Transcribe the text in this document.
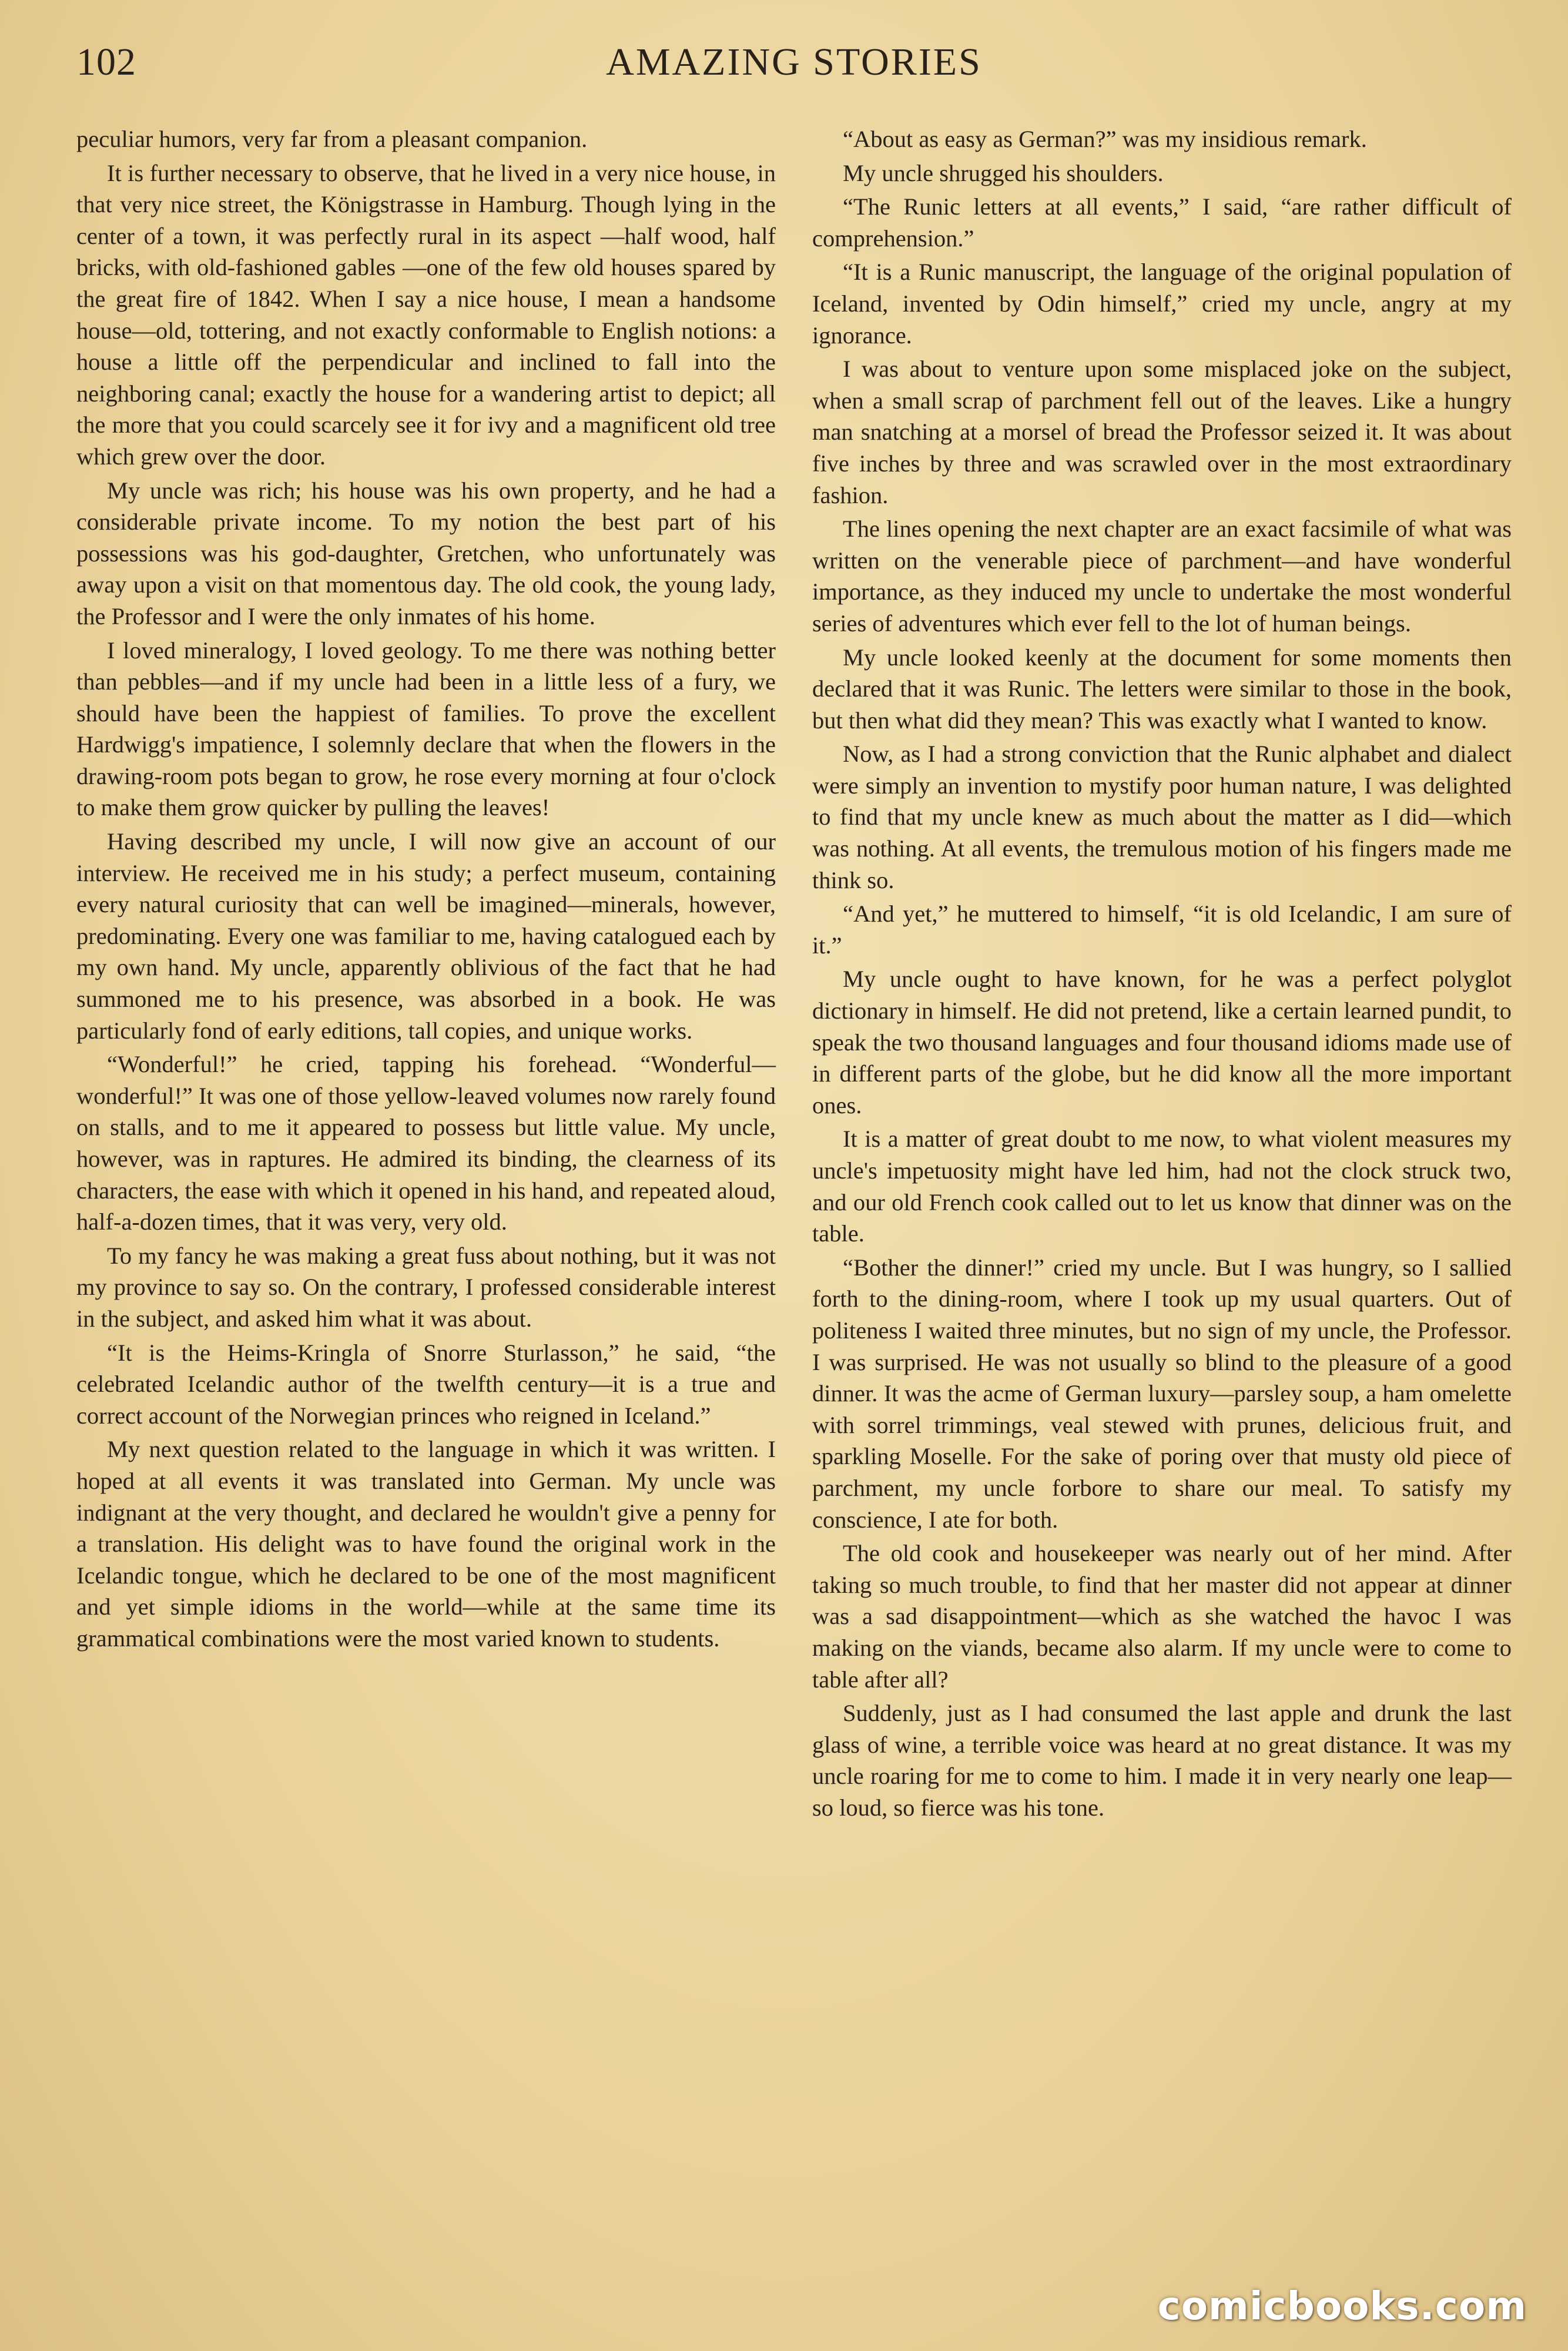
102	AMAZING STORIES

peculiar humors, very far from a pleasant companion.

It is further necessary to observe, that he lived in a very nice house, in that very nice street, the Königstrasse in Hamburg. Though lying in the center of a town, it was perfectly rural in its aspect —half wood, half bricks, with old-fashioned gables —one of the few old houses spared by the great fire of 1842. When I say a nice house, I mean a handsome house—old, tottering, and not exactly conformable to English notions: a house a little off the perpendicular and inclined to fall into the neighboring canal; exactly the house for a wandering artist to depict; all the more that you could scarcely see it for ivy and a magnificent old tree which grew over the door.

My uncle was rich; his house was his own property, and he had a considerable private income. To my notion the best part of his possessions was his god-daughter, Gretchen, who unfortunately was away upon a visit on that momentous day. The old cook, the young lady, the Professor and I were the only inmates of his home.

I loved mineralogy, I loved geology. To me there was nothing better than pebbles—and if my uncle had been in a little less of a fury, we should have been the happiest of families. To prove the excellent Hardwigg's impatience, I solemnly declare that when the flowers in the drawing-room pots began to grow, he rose every morning at four o'clock to make them grow quicker by pulling the leaves!

Having described my uncle, I will now give an account of our interview. He received me in his study; a perfect museum, containing every natural curiosity that can well be imagined—minerals, however, predominating. Every one was familiar to me, having catalogued each by my own hand. My uncle, apparently oblivious of the fact that he had summoned me to his presence, was absorbed in a book. He was particularly fond of early editions, tall copies, and unique works.

“Wonderful!” he cried, tapping his forehead. “Wonderful—wonderful!” It was one of those yellow-leaved volumes now rarely found on stalls, and to me it appeared to possess but little value. My uncle, however, was in raptures. He admired its binding, the clearness of its characters, the ease with which it opened in his hand, and repeated aloud, half-a-dozen times, that it was very, very old.

To my fancy he was making a great fuss about nothing, but it was not my province to say so. On the contrary, I professed considerable interest in the subject, and asked him what it was about.

“It is the Heims-Kringla of Snorre Sturlasson,” he said, “the celebrated Icelandic author of the twelfth century—it is a true and correct account of the Norwegian princes who reigned in Iceland.”

My next question related to the language in which it was written. I hoped at all events it was translated into German. My uncle was indignant at the very thought, and declared he wouldn't give a penny for a translation. His delight was to have found the original work in the Icelandic tongue, which he declared to be one of the most magnificent and yet simple idioms in the world—while at the same time its grammatical combinations were the most varied known to students.

“About as easy as German?” was my insidious remark.

My uncle shrugged his shoulders.

“The Runic letters at all events,” I said, “are rather difficult of comprehension.”

“It is a Runic manuscript, the language of the original population of Iceland, invented by Odin himself,” cried my uncle, angry at my ignorance.

I was about to venture upon some misplaced joke on the subject, when a small scrap of parchment fell out of the leaves. Like a hungry man snatching at a morsel of bread the Professor seized it. It was about five inches by three and was scrawled over in the most extraordinary fashion.

The lines opening the next chapter are an exact facsimile of what was written on the venerable piece of parchment—and have wonderful importance, as they induced my uncle to undertake the most wonderful series of adventures which ever fell to the lot of human beings.

My uncle looked keenly at the document for some moments then declared that it was Runic. The letters were similar to those in the book, but then what did they mean? This was exactly what I wanted to know.

Now, as I had a strong conviction that the Runic alphabet and dialect were simply an invention to mystify poor human nature, I was delighted to find that my uncle knew as much about the matter as I did—which was nothing. At all events, the tremulous motion of his fingers made me think so.

“And yet,” he muttered to himself, “it is old Icelandic, I am sure of it.”

My uncle ought to have known, for he was a perfect polyglot dictionary in himself. He did not pretend, like a certain learned pundit, to speak the two thousand languages and four thousand idioms made use of in different parts of the globe, but he did know all the more important ones.

It is a matter of great doubt to me now, to what violent measures my uncle's impetuosity might have led him, had not the clock struck two, and our old French cook called out to let us know that dinner was on the table.

“Bother the dinner!” cried my uncle. But I was hungry, so I sallied forth to the dining-room, where I took up my usual quarters. Out of politeness I waited three minutes, but no sign of my uncle, the Professor. I was surprised. He was not usually so blind to the pleasure of a good dinner. It was the acme of German luxury—parsley soup, a ham omelette with sorrel trimmings, veal stewed with prunes, delicious fruit, and sparkling Moselle. For the sake of poring over that musty old piece of parchment, my uncle forbore to share our meal. To satisfy my conscience, I ate for both.

The old cook and housekeeper was nearly out of her mind. After taking so much trouble, to find that her master did not appear at dinner was a sad disappointment—which as she watched the havoc I was making on the viands, became also alarm. If my uncle were to come to table after all?

Suddenly, just as I had consumed the last apple and drunk the last glass of wine, a terrible voice was heard at no great distance. It was my uncle roaring for me to come to him. I made it in very nearly one leap—so loud, so fierce was his tone.

comicbooks.com
